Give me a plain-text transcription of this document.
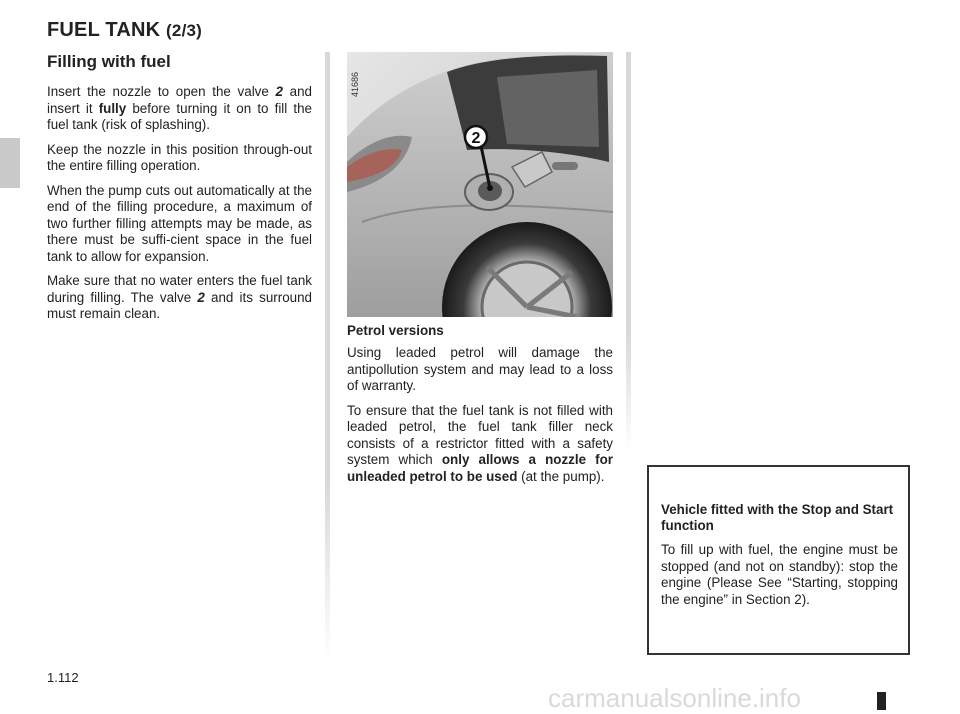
FUEL TANK (2/3)
Filling with fuel

Insert the nozzle to open the valve 2 and insert it fully before turning it on to fill the fuel tank (risk of splashing).

Keep the nozzle in this position through-out the entire filling operation.

When the pump cuts out automatically at the end of the filling procedure, a maximum of two further filling attempts may be made, as there must be suffi-cient space in the fuel tank to allow for expansion.

Make sure that no water enters the fuel tank during filling. The valve 2 and its surround must remain clean.

2
41686
Petrol versions

Using leaded petrol will damage the antipollution system and may lead to a loss of warranty.

To ensure that the fuel tank is not filled with leaded petrol, the fuel tank filler neck consists of a restrictor fitted with a safety system which only allows a nozzle for unleaded petrol to be used (at the pump).

Vehicle fitted with the Stop and Start function

To fill up with fuel, the engine must be stopped (and not on standby): stop the engine (Please See “Starting, stopping the engine” in Section 2).

1.112
carmanualsonline.info
